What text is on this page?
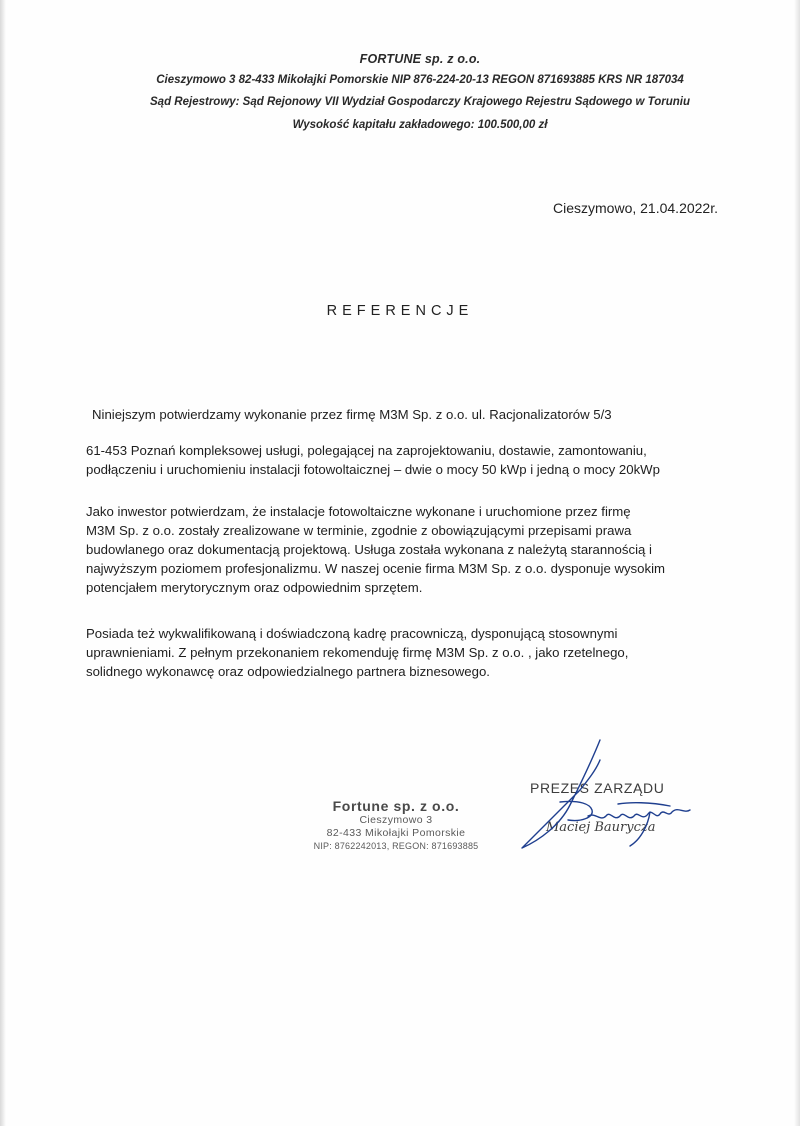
FORTUNE sp. z o.o.
Cieszymowo 3 82-433 Mikołajki Pomorskie NIP 876-224-20-13 REGON 871693885 KRS NR 187034
Sąd Rejestrowy: Sąd Rejonowy VII Wydział Gospodarczy Krajowego Rejestru Sądowego w Toruniu
Wysokość kapitału zakładowego: 100.500,00 zł
Cieszymowo, 21.04.2022r.
REFERENCJE
Niniejszym potwierdzamy wykonanie przez firmę M3M Sp. z o.o. ul. Racjonalizatorów 5/3
61-453 Poznań kompleksowej usługi, polegającej na zaprojektowaniu, dostawie, zamontowaniu,
podłączeniu i uruchomieniu instalacji fotowoltaicznej – dwie o mocy 50 kWp i jedną o mocy 20kWp
Jako inwestor potwierdzam, że instalacje fotowoltaiczne wykonane i uruchomione przez firmę
M3M Sp. z o.o. zostały zrealizowane w terminie, zgodnie z obowiązującymi przepisami prawa
budowlanego oraz dokumentacją projektową. Usługa została wykonana z należytą starannością i
najwyższym poziomem profesjonalizmu. W naszej ocenie firma M3M Sp. z o.o. dysponuje wysokim
potencjałem merytorycznym oraz odpowiednim sprzętem.
Posiada też wykwalifikowaną i doświadczoną kadrę pracowniczą, dysponującą stosownymi
uprawnieniami. Z pełnym przekonaniem rekomenduję firmę M3M Sp. z o.o. , jako rzetelnego,
solidnego wykonawcę oraz odpowiedzialnego partnera biznesowego.
Fortune sp. z o.o.
Cieszymowo 3
82-433 Mikołajki Pomorskie
NIP: 8762242013, REGON: 871693885
PREZES ZARZĄDU
Maciej Baurycza
